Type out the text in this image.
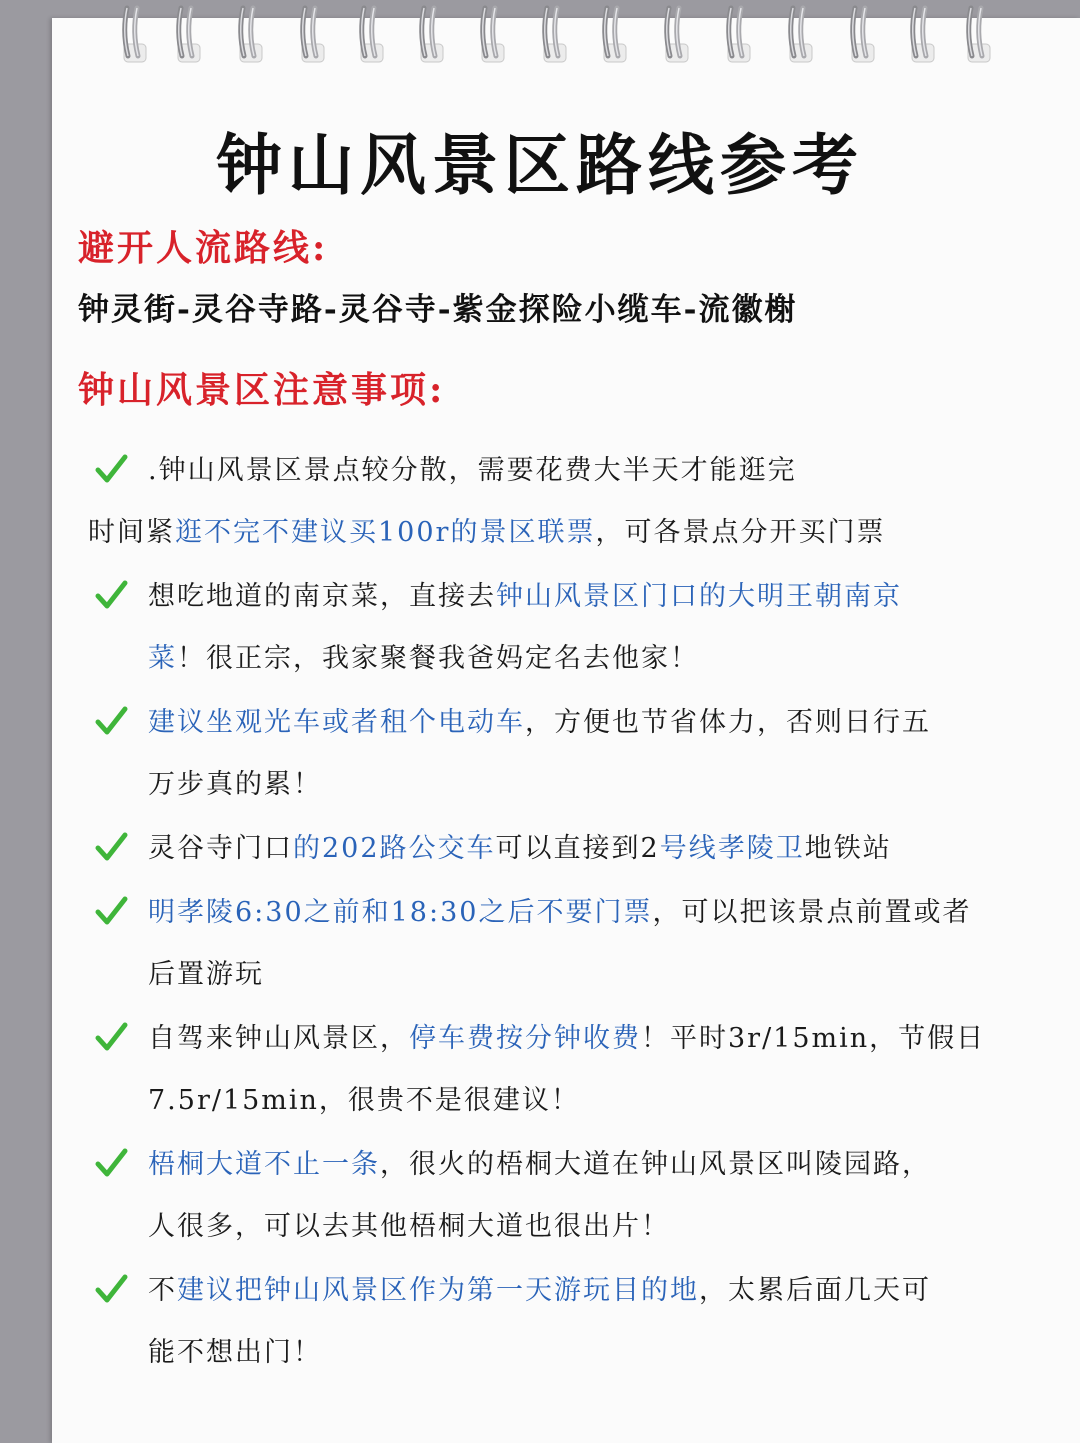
钟山风景区路线参考
避开人流路线:
钟灵街-灵谷寺路-灵谷寺-紫金探险小缆车-流徽榭
钟山风景区注意事项:
.钟山风景区景点较分散，需要花费大半天才能逛完
时间紧逛不完不建议买100r的景区联票，可各景点分开买门票
想吃地道的南京菜，直接去钟山风景区门口的大明王朝南京
菜！很正宗，我家聚餐我爸妈定名去他家！
建议坐观光车或者租个电动车，方便也节省体力，否则日行五
万步真的累！
灵谷寺门口的202路公交车可以直接到2号线孝陵卫地铁站
明孝陵6:30之前和18:30之后不要门票，可以把该景点前置或者
后置游玩
自驾来钟山风景区，停车费按分钟收费！平时3r/15min，节假日
7.5r/15min，很贵不是很建议！
梧桐大道不止一条，很火的梧桐大道在钟山风景区叫陵园路，
人很多，可以去其他梧桐大道也很出片！
不建议把钟山风景区作为第一天游玩目的地，太累后面几天可
能不想出门！
